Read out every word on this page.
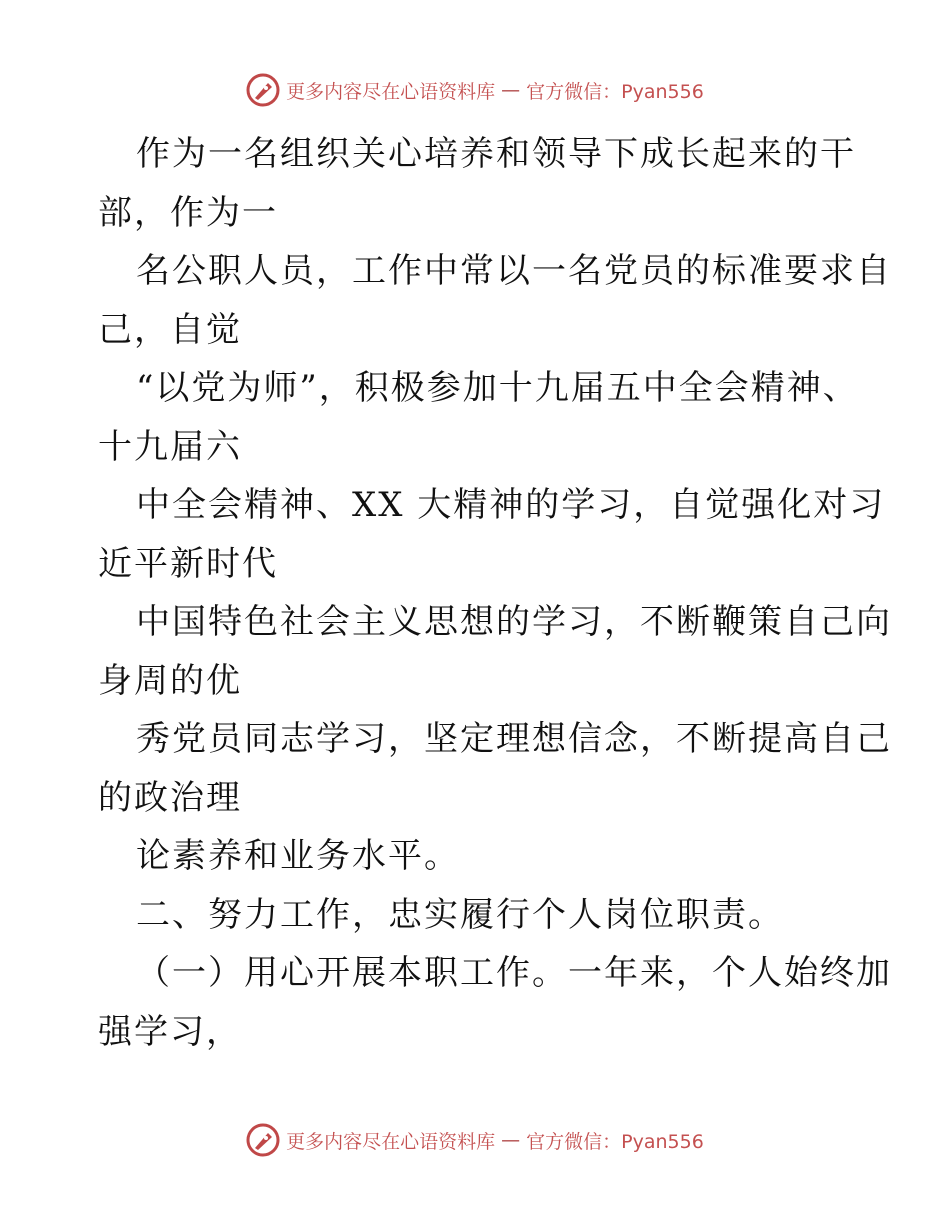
更多内容尽在心语资料库 — 官方微信：Pyan556
作为一名组织关心培养和领导下成长起来的干
部，作为一
名公职人员，工作中常以一名党员的标准要求自
己，自觉
“以党为师”，积极参加十九届五中全会精神、
十九届六
中全会精神、XX 大精神的学习，自觉强化对习
近平新时代
中国特色社会主义思想的学习，不断鞭策自己向
身周的优
秀党员同志学习，坚定理想信念，不断提高自己
的政治理
论素养和业务水平。
二、努力工作，忠实履行个人岗位职责。
（一）用心开展本职工作。一年来，个人始终加
强学习，
更多内容尽在心语资料库 — 官方微信：Pyan556
